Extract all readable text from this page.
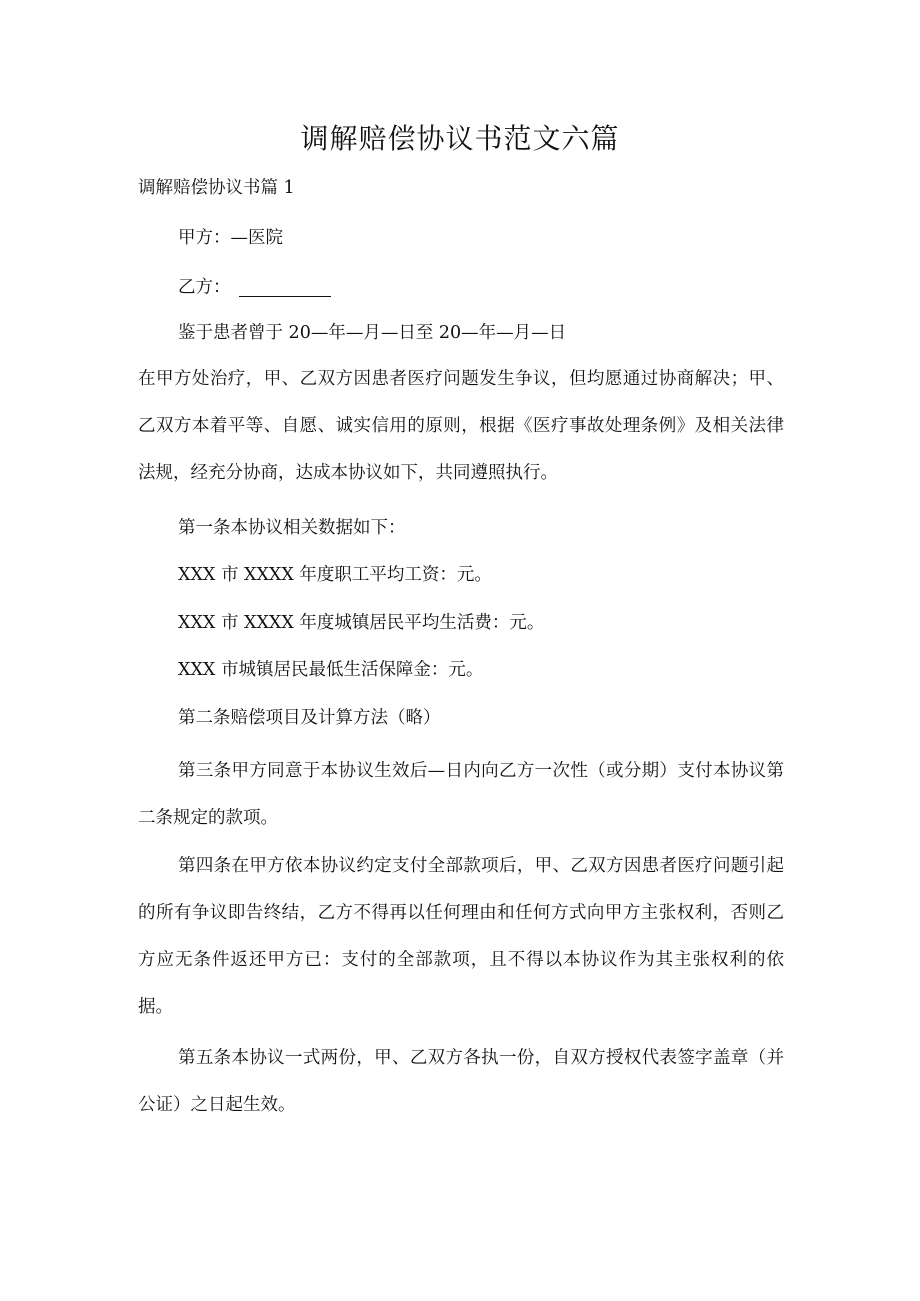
调解赔偿协议书范文六篇
调解赔偿协议书篇 1
甲方：—医院
乙方：
鉴于患者曾于 20—年—月—日至 20—年—月—日
在甲方处治疗，甲、乙双方因患者医疗问题发生争议，但均愿通过协商解决；甲、乙双方本着平等、自愿、诚实信用的原则，根据《医疗事故处理条例》及相关法律法规，经充分协商，达成本协议如下，共同遵照执行。
第一条本协议相关数据如下：
XXX 市 XXXX 年度职工平均工资：元。
XXX 市 XXXX 年度城镇居民平均生活费：元。
XXX 市城镇居民最低生活保障金：元。
第二条赔偿项目及计算方法（略）
第三条甲方同意于本协议生效后—日内向乙方一次性（或分期）支付本协议第二条规定的款项。
第四条在甲方依本协议约定支付全部款项后，甲、乙双方因患者医疗问题引起的所有争议即告终结，乙方不得再以任何理由和任何方式向甲方主张权利，否则乙方应无条件返还甲方已：支付的全部款项，且不得以本协议作为其主张权利的依据。
第五条本协议一式两份，甲、乙双方各执一份，自双方授权代表签字盖章（并公证）之日起生效。
